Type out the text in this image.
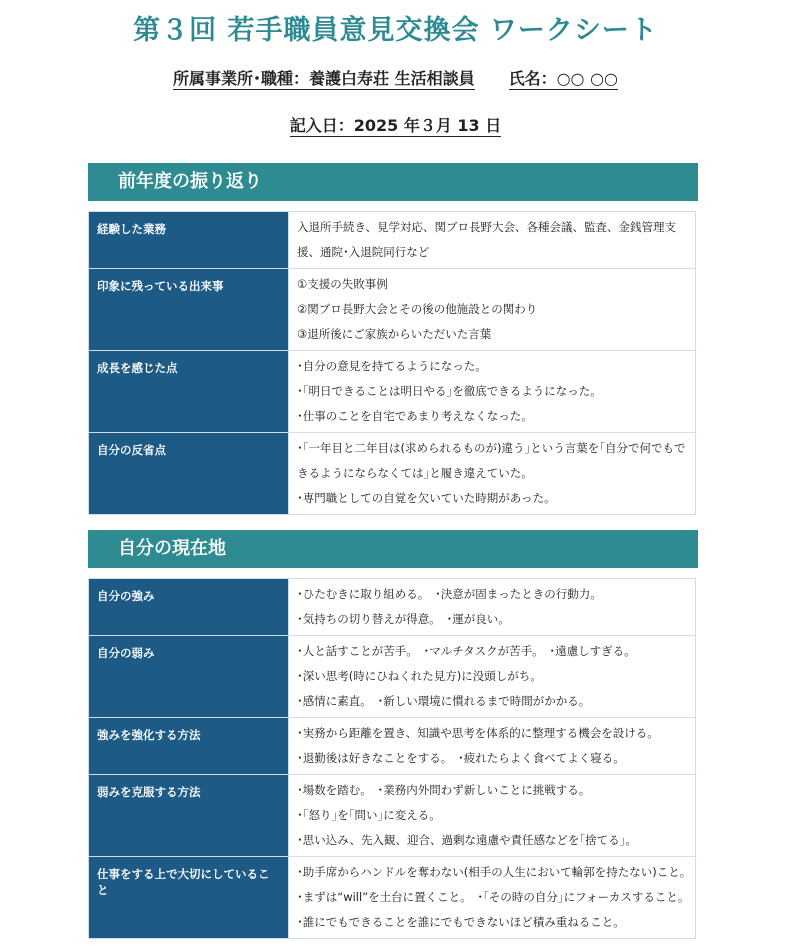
第３回 若手職員意見交換会 ワークシート
所属事業所･職種：養護白寿荘 生活相談員 氏名：○○ ○○
記入日：2025 年３月 13 日
前年度の振り返り
経験した業務	入退所手続き、見学対応、関ブロ長野大会、各種会議、監査、金銭管理支援、通院･入退院同行など

印象に残っている出来事	①支援の失敗事例
②関ブロ長野大会とその後の他施設との関わり
③退所後にご家族からいただいた言葉

成長を感じた点	･自分の意見を持てるようになった。
･｢明日できることは明日やる｣を徹底できるようになった。
･仕事のことを自宅であまり考えなくなった。

自分の反省点	･｢一年目と二年目は(求められるものが)違う｣という言葉を｢自分で何でもできるようにならなくては｣と履き違えていた。
･専門職としての自覚を欠いていた時期があった。
自分の現在地
自分の強み	･ひたむきに取り組める。　･決意が固まったときの行動力。
･気持ちの切り替えが得意。　･運が良い。

自分の弱み	･人と話すことが苦手。　･マルチタスクが苦手。　･遠慮しすぎる。
･深い思考(時にひねくれた見方)に没頭しがち。
･感情に素直。　･新しい環境に慣れるまで時間がかかる。

強みを強化する方法	･実務から距離を置き、知識や思考を体系的に整理する機会を設ける。
･退勤後は好きなことをする。　･疲れたらよく食べてよく寝る。

弱みを克服する方法	･場数を踏む。　･業務内外問わず新しいことに挑戦する。
･｢怒り｣を｢問い｣に変える。
･思い込み、先入観、迎合、過剰な遠慮や責任感などを｢捨てる｣。

仕事をする上で大切にしていること	･助手席からハンドルを奪わない(相手の人生において輪郭を持たない)こと。
･まずは“will”を土台に置くこと。　･｢その時の自分｣にフォーカスすること。
･誰にでもできることを誰にでもできないほど積み重ねること。
